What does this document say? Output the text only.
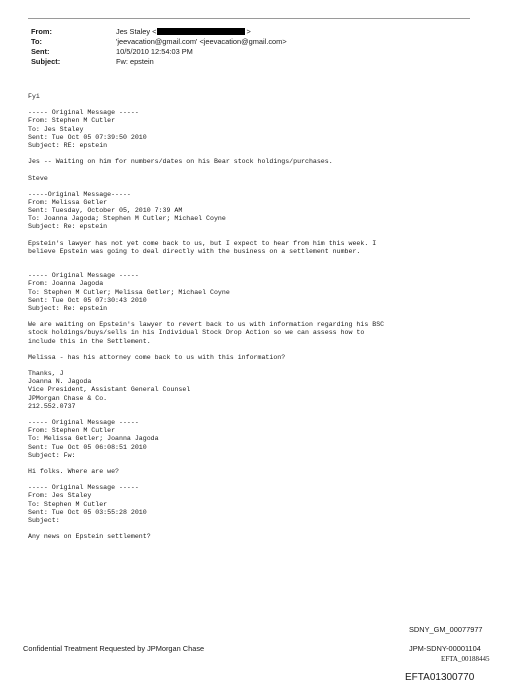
From:	Jes Staley <	>
To:	'jeevacation@gmail.com' <jeevacation@gmail.com>
Sent:	10/5/2010 12:54:03 PM
Subject:	Fw: epstein

Fyi

----- Original Message -----

From: Stephen M Cutler

To: Jes Staley

Sent: Tue Oct 05 07:39:50 2010

Subject: RE: epstein

Jes -- Waiting on him for numbers/dates on his Bear stock holdings/purchases.

Steve

-----Original Message-----

From: Melissa Getler

Sent: Tuesday, October 05, 2010 7:39 AM

To: Joanna Jagoda; Stephen M Cutler; Michael Coyne

Subject: Re: epstein

Epstein's lawyer has not yet come back to us, but I expect to hear from him this week. I

believe Epstein was going to deal directly with the business on a settlement number.

----- Original Message -----

From: Joanna Jagoda

To: Stephen M Cutler; Melissa Getler; Michael Coyne

Sent: Tue Oct 05 07:30:43 2010

Subject: Re: epstein

We are waiting on Epstein's lawyer to revert back to us with information regarding his BSC

stock holdings/buys/sells in his Individual Stock Drop Action so we can assess how to

include this in the Settlement.

Melissa - has his attorney come back to us with this information?

Thanks, J

Joanna N. Jagoda

Vice President, Assistant General Counsel

JPMorgan Chase & Co.

212.552.0737

----- Original Message -----

From: Stephen M Cutler

To: Melissa Getler; Joanna Jagoda

Sent: Tue Oct 05 06:08:51 2010

Subject: Fw:

Hi folks. Where are we?

----- Original Message -----

From: Jes Staley

To: Stephen M Cutler

Sent: Tue Oct 05 03:55:28 2010

Subject:

Any news on Epstein settlement?

SDNY_GM_00077977
Confidential Treatment Requested by JPMorgan Chase	JPM-SDNY-00001104
EFTA_00188445
EFTA01300770
